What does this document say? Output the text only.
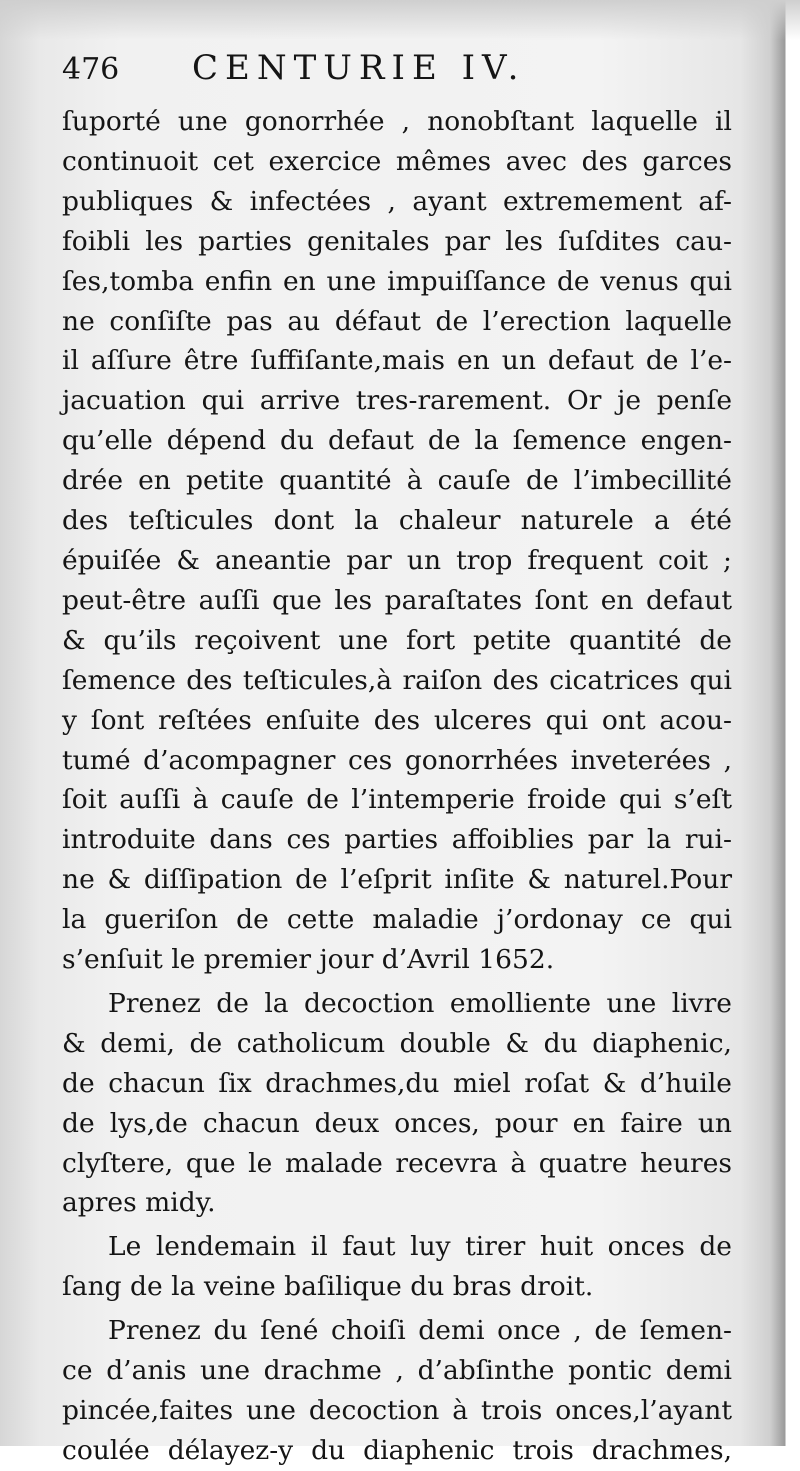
476	CENTURIE IV.
ſuporté une gonorrhée , nonobſtant laquelle il
continuoit cet exercice mêmes avec des garces
publiques & infectées , ayant extremement af-
foibli les parties genitales par les ſuſdites cau-
ſes,tomba enfin en une impuiſſance de venus qui
ne conſiſte pas au défaut de l’erection laquelle
il aſſure être ſuffiſante,mais en un defaut de l’e-
jacuation qui arrive tres-rarement. Or je penſe
qu’elle dépend du defaut de la ſemence engen-
drée en petite quantité à cauſe de l’imbecillité
des teſticules dont la chaleur naturele a été
épuiſée & aneantie par un trop frequent coit ;
peut-être auſſi que les paraſtates ſont en defaut
& qu’ils reçoivent une fort petite quantité de
ſemence des teſticules,à raiſon des cicatrices qui
y ſont reſtées enſuite des ulceres qui ont acou-
tumé d’acompagner ces gonorrhées inveterées ,
ſoit auſſi à cauſe de l’intemperie froide qui s’eſt
introduite dans ces parties affoiblies par la rui-
ne & diſſipation de l’eſprit inſite & naturel.Pour
la gueriſon de cette maladie j’ordonay ce qui
s’enſuit le premier jour d’Avril 1652.
Prenez de la decoction emolliente une livre
& demi, de catholicum double & du diaphenic,
de chacun ſix drachmes,du miel roſat & d’huile
de lys,de chacun deux onces, pour en faire un
clyſtere, que le malade recevra à quatre heures
apres midy.
Le lendemain il faut luy tirer huit onces de
ſang de la veine baſilique du bras droit.
Prenez du ſené choiſi demi once , de ſemen-
ce d’anis une drachme , d’abſinthe pontic demi
pincée,faites une decoction à trois onces,l’ayant
coulée délayez-y du diaphenic trois drachmes,
